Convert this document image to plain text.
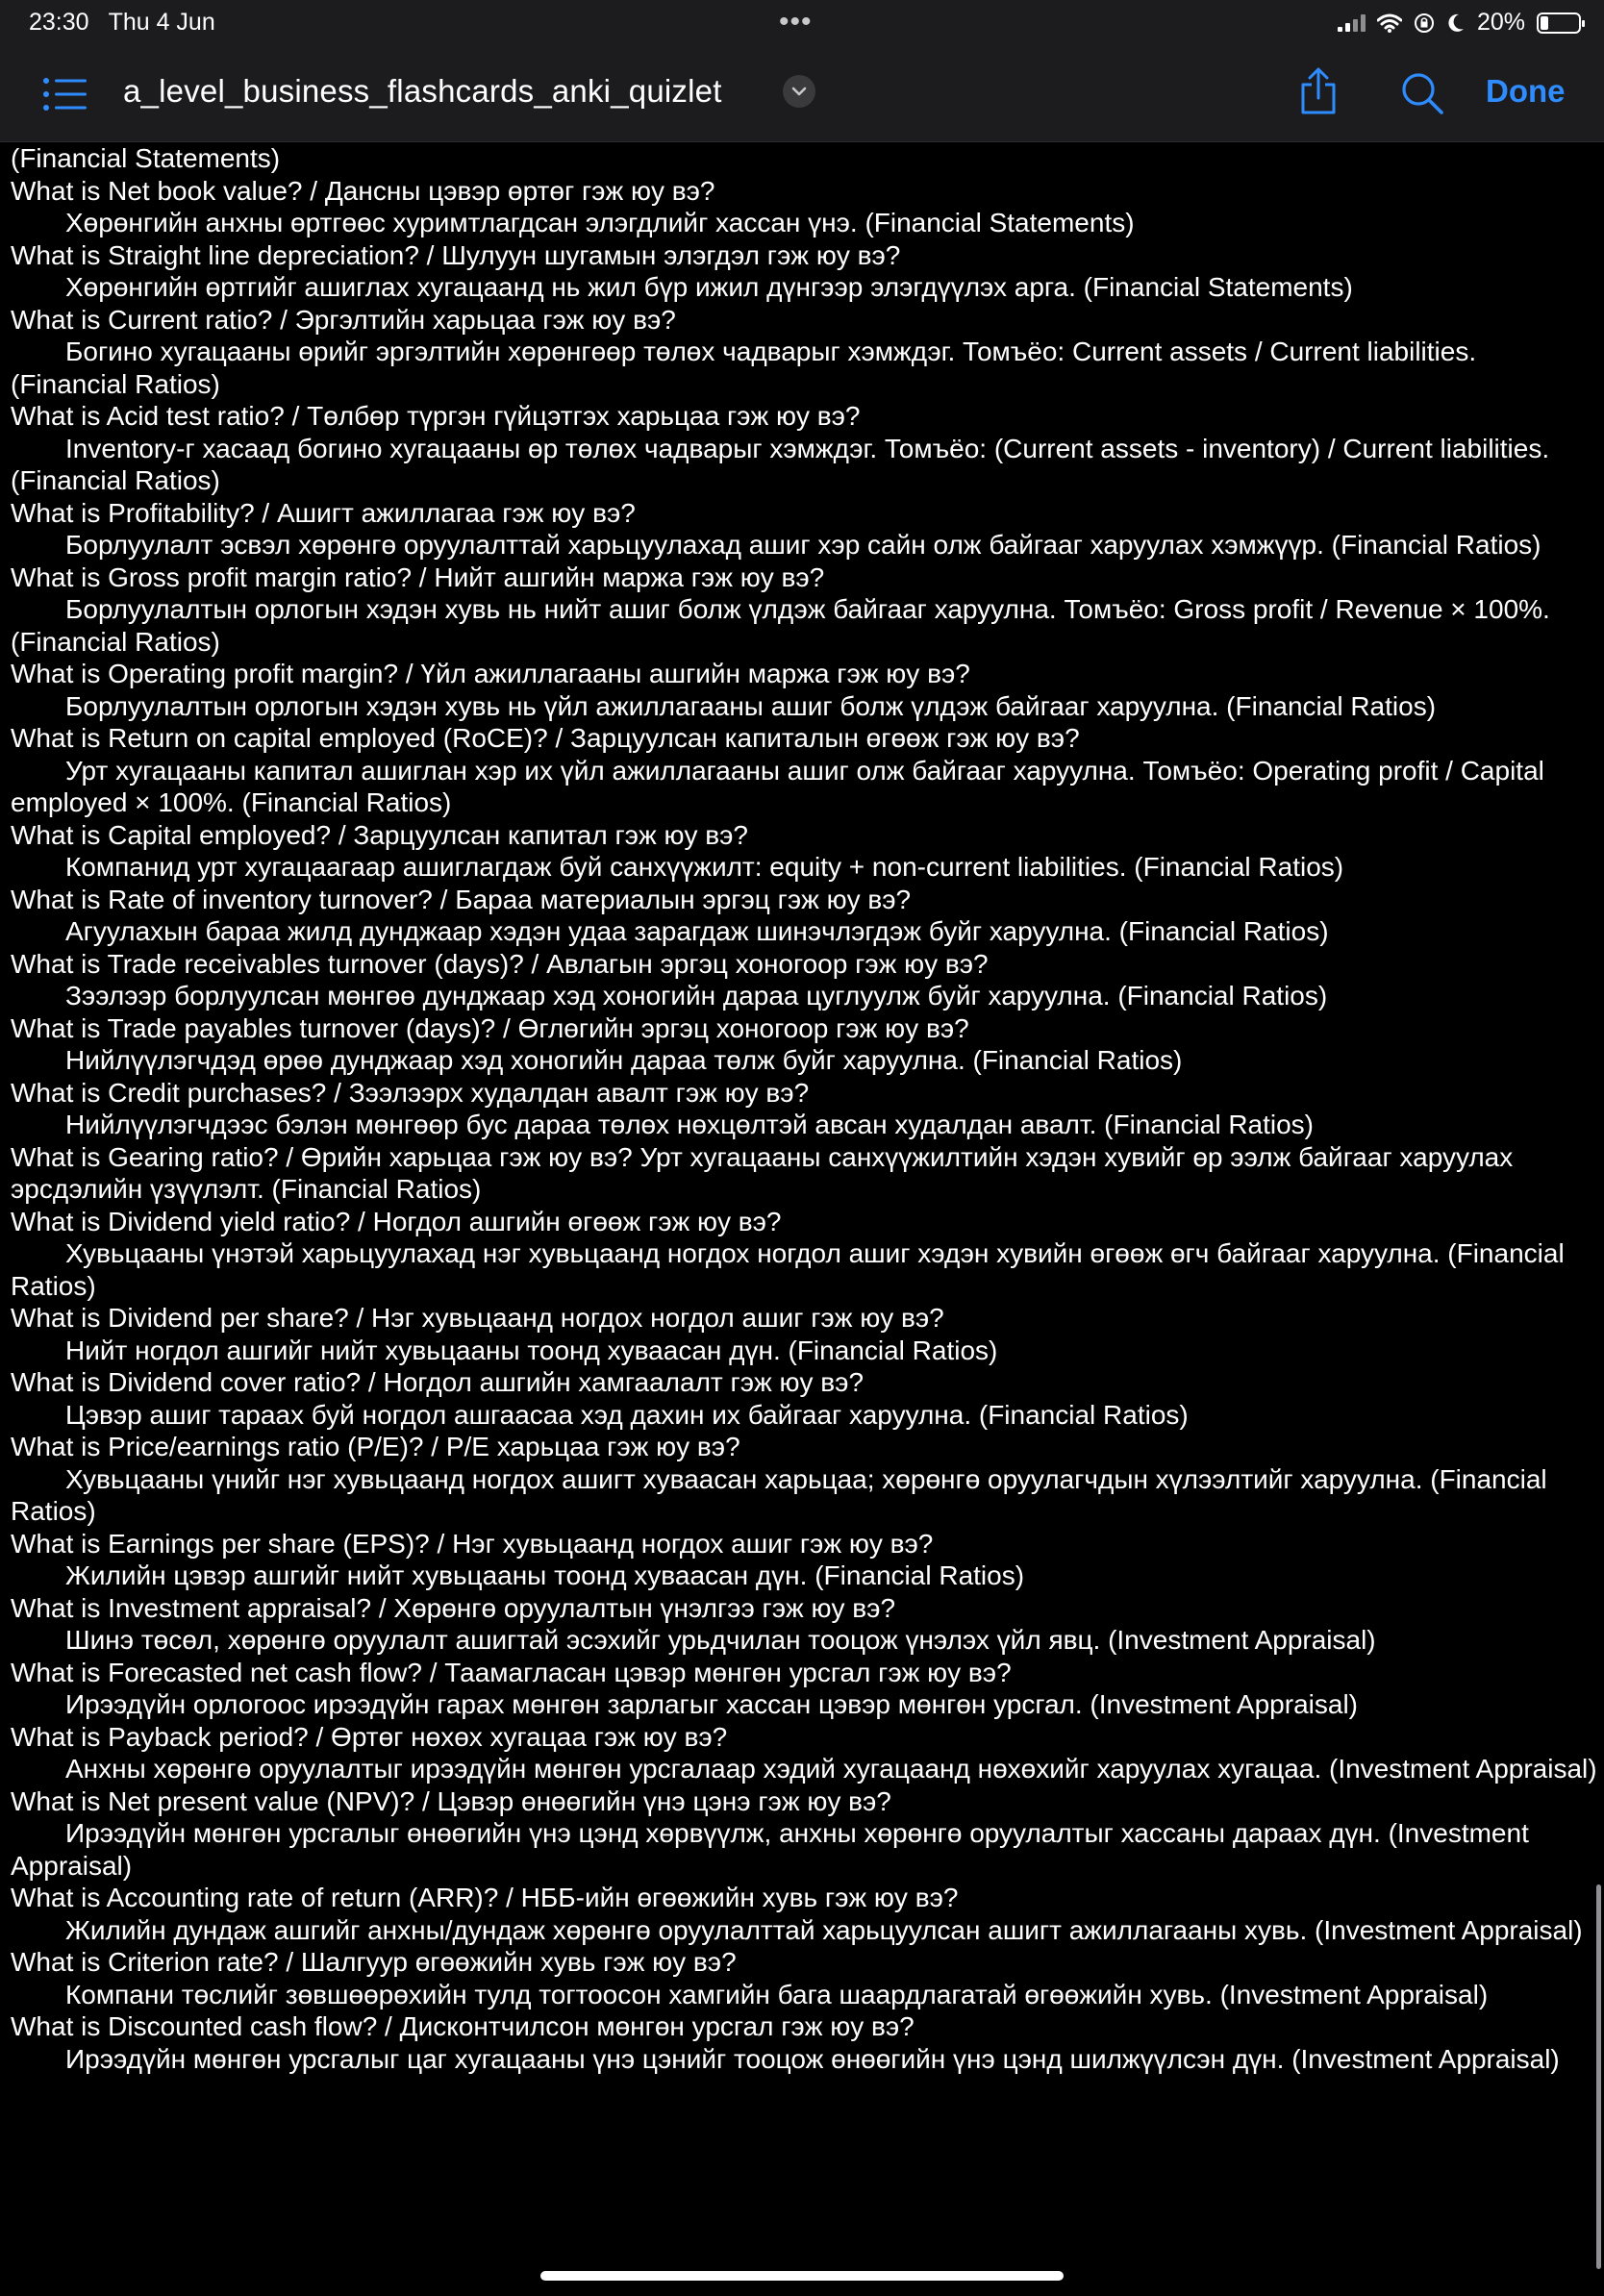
23:30 Thu 4 Jun	•••	20%
a_level_business_flashcards_anki_quizlet	Done

(Financial Statements)

What is Net book value? / Дансны цэвэр өртөг гэж юу вэ?

Хөрөнгийн анхны өртгөөс хуримтлагдсан элэгдлийг хассан үнэ. (Financial Statements)

What is Straight line depreciation? / Шулуун шугамын элэгдэл гэж юу вэ?

Хөрөнгийн өртгийг ашиглах хугацаанд нь жил бүр ижил дүнгээр элэгдүүлэх арга. (Financial Statements)

What is Current ratio? / Эргэлтийн харьцаа гэж юу вэ?

Богино хугацааны өрийг эргэлтийн хөрөнгөөр төлөх чадварыг хэмждэг. Томъёо: Current assets / Current liabilities. (Financial Ratios)

What is Acid test ratio? / Төлбөр түргэн гүйцэтгэх харьцаа гэж юу вэ?

Inventory-г хасаад богино хугацааны өр төлөх чадварыг хэмждэг. Томъёо: (Current assets - inventory) / Current liabilities. (Financial Ratios)

What is Profitability? / Ашигт ажиллагаа гэж юу вэ?

Борлуулалт эсвэл хөрөнгө оруулалттай харьцуулахад ашиг хэр сайн олж байгааг харуулах хэмжүүр. (Financial Ratios)

What is Gross profit margin ratio? / Нийт ашгийн маржа гэж юу вэ?

Борлуулалтын орлогын хэдэн хувь нь нийт ашиг болж үлдэж байгааг харуулна. Томъёо: Gross profit / Revenue × 100%. (Financial Ratios)

What is Operating profit margin? / Үйл ажиллагааны ашгийн маржа гэж юу вэ?

Борлуулалтын орлогын хэдэн хувь нь үйл ажиллагааны ашиг болж үлдэж байгааг харуулна. (Financial Ratios)

What is Return on capital employed (RoCE)? / Зарцуулсан капиталын өгөөж гэж юу вэ?

Урт хугацааны капитал ашиглан хэр их үйл ажиллагааны ашиг олж байгааг харуулна. Томъёо: Operating profit / Capital employed × 100%. (Financial Ratios)

What is Capital employed? / Зарцуулсан капитал гэж юу вэ?

Компанид урт хугацаагаар ашиглагдаж буй санхүүжилт: equity + non-current liabilities. (Financial Ratios)

What is Rate of inventory turnover? / Бараа материалын эргэц гэж юу вэ?

Агуулахын бараа жилд дунджаар хэдэн удаа зарагдаж шинэчлэгдэж буйг харуулна. (Financial Ratios)

What is Trade receivables turnover (days)? / Авлагын эргэц хоногоор гэж юу вэ?

Зээлээр борлуулсан мөнгөө дунджаар хэд хоногийн дараа цуглуулж буйг харуулна. (Financial Ratios)

What is Trade payables turnover (days)? / Өглөгийн эргэц хоногоор гэж юу вэ?

Нийлүүлэгчдэд өрөө дунджаар хэд хоногийн дараа төлж буйг харуулна. (Financial Ratios)

What is Credit purchases? / Зээлээрх худалдан авалт гэж юу вэ?

Нийлүүлэгчдээс бэлэн мөнгөөр бус дараа төлөх нөхцөлтэй авсан худалдан авалт. (Financial Ratios)

What is Gearing ratio? / Өрийн харьцаа гэж юу вэ? Урт хугацааны санхүүжилтийн хэдэн хувийг өр ээлж байгааг харуулах эрсдэлийн үзүүлэлт. (Financial Ratios)

What is Dividend yield ratio? / Ногдол ашгийн өгөөж гэж юу вэ?

Хувьцааны үнэтэй харьцуулахад нэг хувьцаанд ногдох ногдол ашиг хэдэн хувийн өгөөж өгч байгааг харуулна. (Financial Ratios)

What is Dividend per share? / Нэг хувьцаанд ногдох ногдол ашиг гэж юу вэ?

Нийт ногдол ашгийг нийт хувьцааны тоонд хуваасан дүн. (Financial Ratios)

What is Dividend cover ratio? / Ногдол ашгийн хамгаалалт гэж юу вэ?

Цэвэр ашиг тараах буй ногдол ашгаасаа хэд дахин их байгааг харуулна. (Financial Ratios)

What is Price/earnings ratio (P/E)? / P/E харьцаа гэж юу вэ?

Хувьцааны үнийг нэг хувьцаанд ногдох ашигт хуваасан харьцаа; хөрөнгө оруулагчдын хүлээлтийг харуулна. (Financial Ratios)

What is Earnings per share (EPS)? / Нэг хувьцаанд ногдох ашиг гэж юу вэ?

Жилийн цэвэр ашгийг нийт хувьцааны тоонд хуваасан дүн. (Financial Ratios)

What is Investment appraisal? / Хөрөнгө оруулалтын үнэлгээ гэж юу вэ?

Шинэ төсөл, хөрөнгө оруулалт ашигтай эсэхийг урьдчилан тооцож үнэлэх үйл явц. (Investment Appraisal)

What is Forecasted net cash flow? / Таамагласан цэвэр мөнгөн урсгал гэж юу вэ?

Ирээдүйн орлогоос ирээдүйн гарах мөнгөн зарлагыг хассан цэвэр мөнгөн урсгал. (Investment Appraisal)

What is Payback period? / Өртөг нөхөх хугацаа гэж юу вэ?

Анхны хөрөнгө оруулалтыг ирээдүйн мөнгөн урсгалаар хэдий хугацаанд нөхөхийг харуулах хугацаа. (Investment Appraisal)

What is Net present value (NPV)? / Цэвэр өнөөгийн үнэ цэнэ гэж юу вэ?

Ирээдүйн мөнгөн урсгалыг өнөөгийн үнэ цэнд хөрвүүлж, анхны хөрөнгө оруулалтыг хассаны дараах дүн. (Investment Appraisal)

What is Accounting rate of return (ARR)? / НББ-ийн өгөөжийн хувь гэж юу вэ?

Жилийн дундаж ашгийг анхны/дундаж хөрөнгө оруулалттай харьцуулсан ашигт ажиллагааны хувь. (Investment Appraisal)

What is Criterion rate? / Шалгуур өгөөжийн хувь гэж юу вэ?

Компани төслийг зөвшөөрөхийн тулд тогтоосон хамгийн бага шаардлагатай өгөөжийн хувь. (Investment Appraisal)

What is Discounted cash flow? / Дисконтчилсон мөнгөн урсгал гэж юу вэ?

Ирээдүйн мөнгөн урсгалыг цаг хугацааны үнэ цэнийг тооцож өнөөгийн үнэ цэнд шилжүүлсэн дүн. (Investment Appraisal)
